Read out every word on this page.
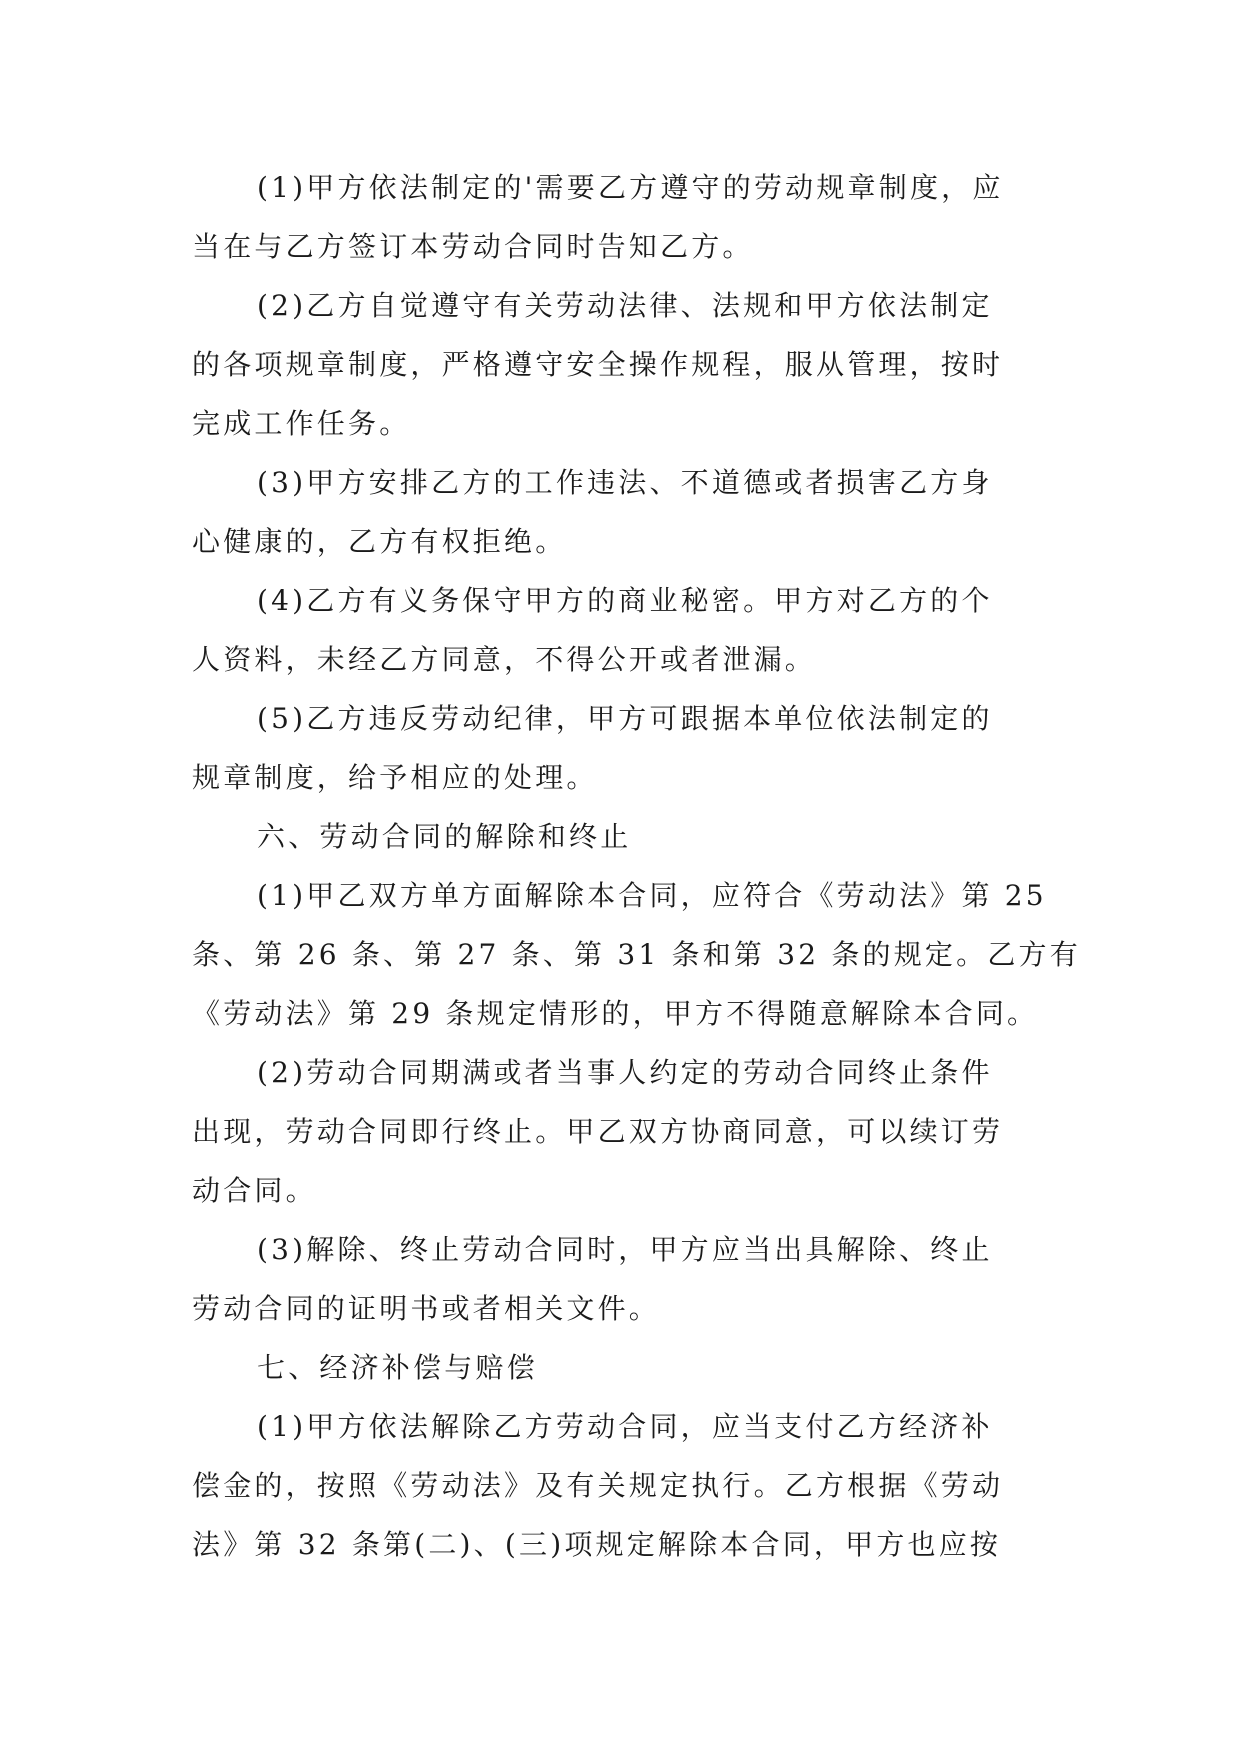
(1)甲方依法制定的'需要乙方遵守的劳动规章制度，应
当在与乙方签订本劳动合同时告知乙方。
(2)乙方自觉遵守有关劳动法律、法规和甲方依法制定
的各项规章制度，严格遵守安全操作规程，服从管理，按时
完成工作任务。
(3)甲方安排乙方的工作违法、不道德或者损害乙方身
心健康的，乙方有权拒绝。
(4)乙方有义务保守甲方的商业秘密。甲方对乙方的个
人资料，未经乙方同意，不得公开或者泄漏。
(5)乙方违反劳动纪律，甲方可跟据本单位依法制定的
规章制度，给予相应的处理。
六、劳动合同的解除和终止
(1)甲乙双方单方面解除本合同，应符合《劳动法》第 25
条、第 26 条、第 27 条、第 31 条和第 32 条的规定。乙方有
《劳动法》第 29 条规定情形的，甲方不得随意解除本合同。
(2)劳动合同期满或者当事人约定的劳动合同终止条件
出现，劳动合同即行终止。甲乙双方协商同意，可以续订劳
动合同。
(3)解除、终止劳动合同时，甲方应当出具解除、终止
劳动合同的证明书或者相关文件。
七、经济补偿与赔偿
(1)甲方依法解除乙方劳动合同，应当支付乙方经济补
偿金的，按照《劳动法》及有关规定执行。乙方根据《劳动
法》第 32 条第(二)、(三)项规定解除本合同，甲方也应按
